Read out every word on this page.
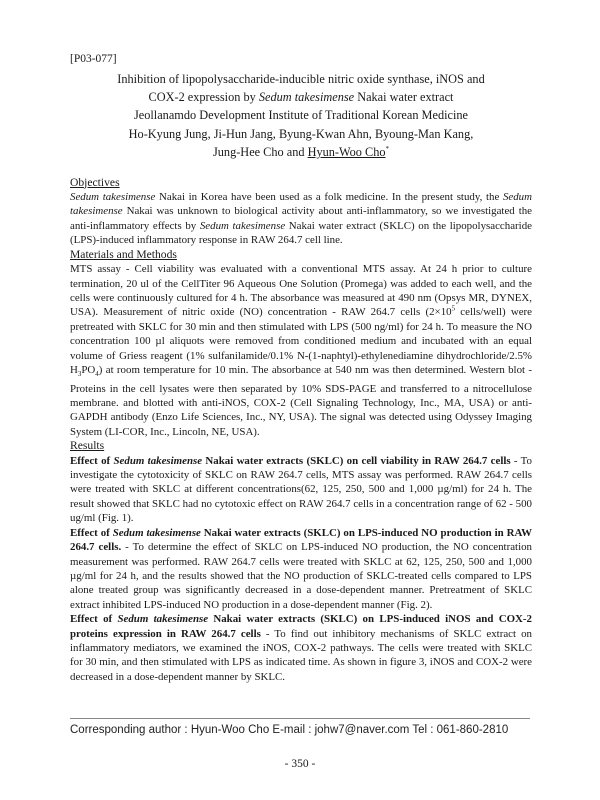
[P03-077]

Inhibition of lipopolysaccharide-inducible nitric oxide synthase, iNOS and
COX-2 expression by Sedum takesimense Nakai water extract

Jeollanamdo Development Institute of Traditional Korean Medicine

Ho-Kyung Jung, Ji-Hun Jang, Byung-Kwan Ahn, Byoung-Man Kang,
Jung-Hee Cho and Hyun-Woo Cho*

Objectives

Sedum takesimense Nakai in Korea have been used as a folk medicine. In the present study, the Sedum takesimense Nakai was unknown to biological activity about anti-inflammatory, so we investigated the anti-inflammatory effects by Sedum takesimense Nakai water extract (SKLC) on the lipopolysaccharide (LPS)-induced inflammatory response in RAW 264.7 cell line.

Materials and Methods

MTS assay - Cell viability was evaluated with a conventional MTS assay. At 24 h prior to culture termination, 20 ul of the CellTiter 96 Aqueous One Solution (Promega) was added to each well, and the cells were continuously cultured for 4 h. The absorbance was measured at 490 nm (Opsys MR, DYNEX, USA). Measurement of nitric oxide (NO) concentration - RAW 264.7 cells ($2\times 10^5$ cells/well) were pretreated with SKLC for 30 min and then stimulated with LPS (500 ng/ml) for 24 h. To measure the NO concentration 100 µl aliquots were removed from conditioned medium and incubated with an equal volume of Griess reagent (1% sulfanilamide/0.1% N-(1-naphtyl)-ethylenediamine dihydrochloride/2.5% $H_3PO_4$) at room temperature for 10 min. The absorbance at 540 nm was then determined. Western blot - Proteins in the cell lysates were then separated by 10% SDS-PAGE and transferred to a nitrocellulose membrane. and blotted with anti-iNOS, COX-2 (Cell Signaling Technology, Inc., MA, USA) or anti-GAPDH antibody (Enzo Life Sciences, Inc., NY, USA). The signal was detected using Odyssey Imaging System (LI-COR, Inc., Lincoln, NE, USA).

Results

Effect of Sedum takesimense Nakai water extracts (SKLC) on cell viability in RAW 264.7 cells - To investigate the cytotoxicity of SKLC on RAW 264.7 cells, MTS assay was performed. RAW 264.7 cells were treated with SKLC at different concentrations(62, 125, 250, 500 and 1,000 µg/ml) for 24 h. The result showed that SKLC had no cytotoxic effect on RAW 264.7 cells in a concentration range of 62 - 500 ug/ml (Fig. 1).

Effect of Sedum takesimense Nakai water extracts (SKLC) on LPS-induced NO production in RAW 264.7 cells. - To determine the effect of SKLC on LPS-induced NO production, the NO concentration measurement was performed. RAW 264.7 cells were treated with SKLC at 62, 125, 250, 500 and 1,000 µg/ml for 24 h, and the results showed that the NO production of SKLC-treated cells compared to LPS alone treated group was significantly decreased in a dose-dependent manner. Pretreatment of SKLC extract inhibited LPS-induced NO production in a dose-dependent manner (Fig. 2).

Effect of Sedum takesimense Nakai water extracts (SKLC) on LPS-induced iNOS and COX-2 proteins expression in RAW 264.7 cells - To find out inhibitory mechanisms of SKLC extract on inflammatory mediators, we examined the iNOS, COX-2 pathways. The cells were treated with SKLC for 30 min, and then stimulated with LPS as indicated time. As shown in figure 3, iNOS and COX-2 were decreased in a dose-dependent manner by SKLC.

Corresponding author : Hyun-Woo Cho E-mail : johw7@naver.com Tel : 061-860-2810
- 350 -
